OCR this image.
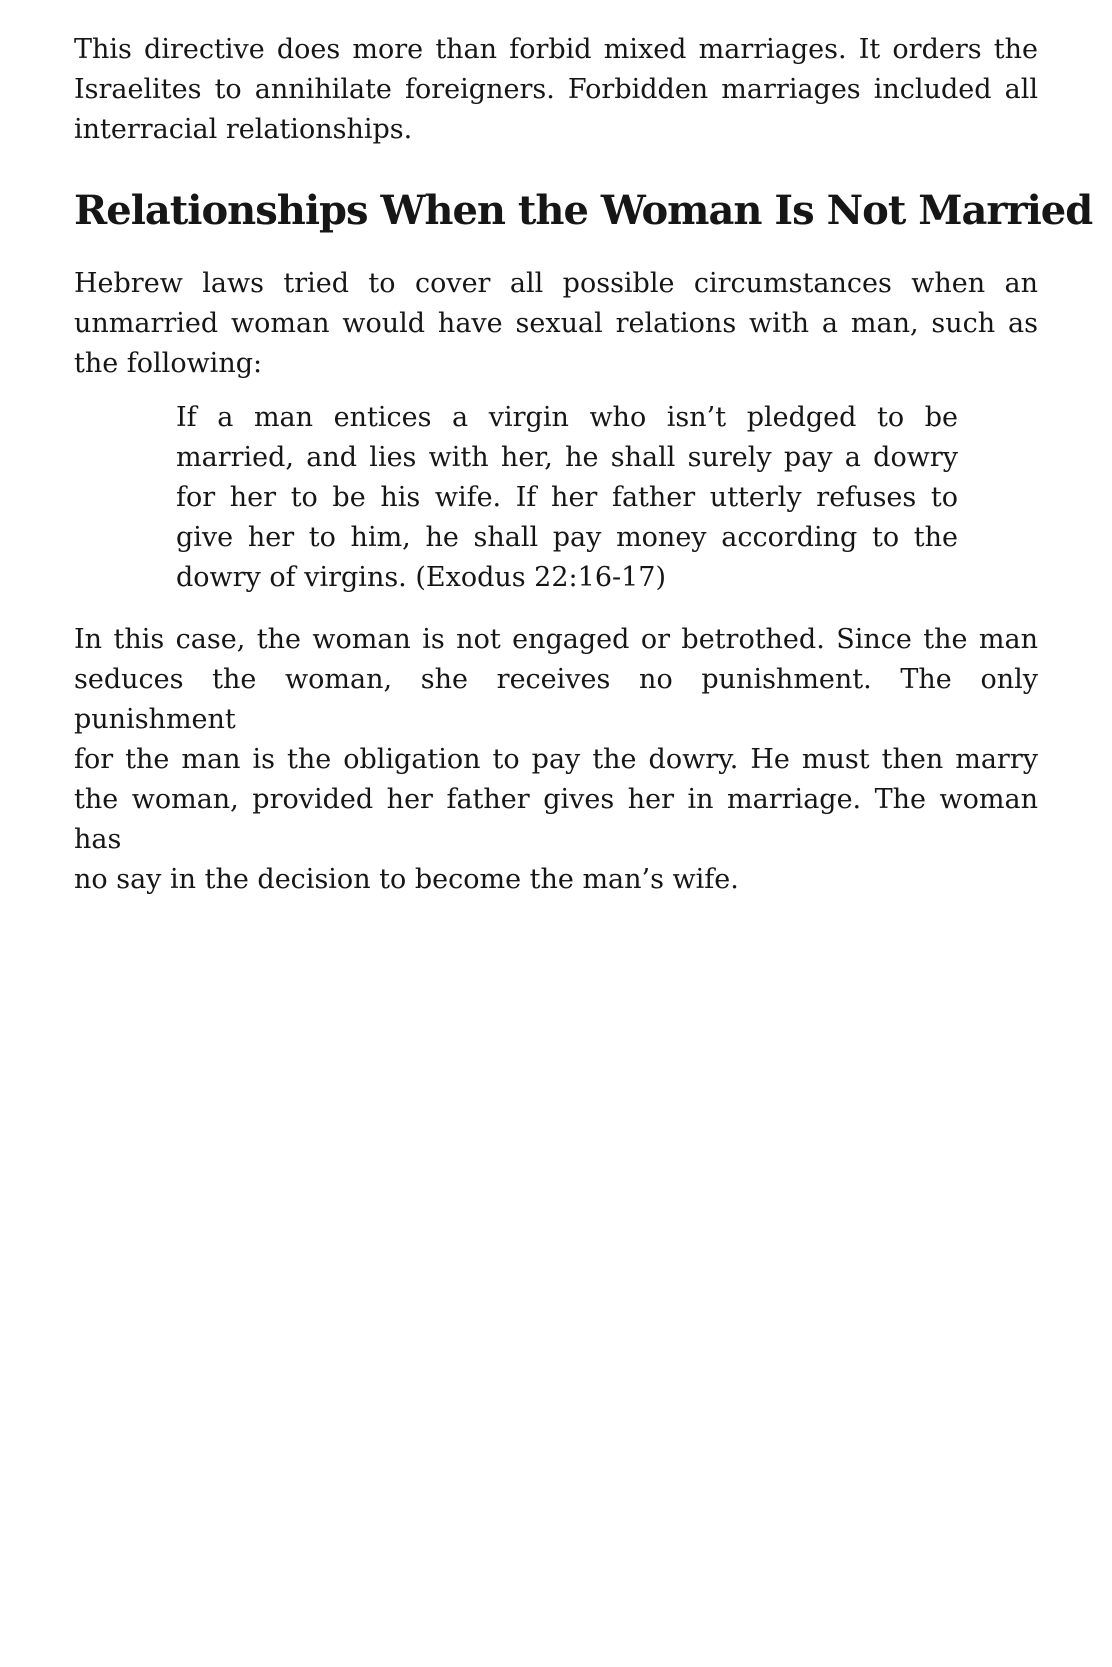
This directive does more than forbid mixed marriages. It orders the
Israelites to annihilate foreigners. Forbidden marriages included all
interracial relationships.

Relationships When the Woman Is Not Married

Hebrew laws tried to cover all possible circumstances when an
unmarried woman would have sexual relations with a man, such as
the following:

If a man entices a virgin who isn’t pledged to be
married, and lies with her, he shall surely pay a dowry
for her to be his wife. If her father utterly refuses to
give her to him, he shall pay money according to the
dowry of virgins. (Exodus 22:16-17)

In this case, the woman is not engaged or betrothed. Since the man
seduces the woman, she receives no punishment. The only punishment
for the man is the obligation to pay the dowry. He must then marry
the woman, provided her father gives her in marriage. The woman has
no say in the decision to become the man’s wife.
